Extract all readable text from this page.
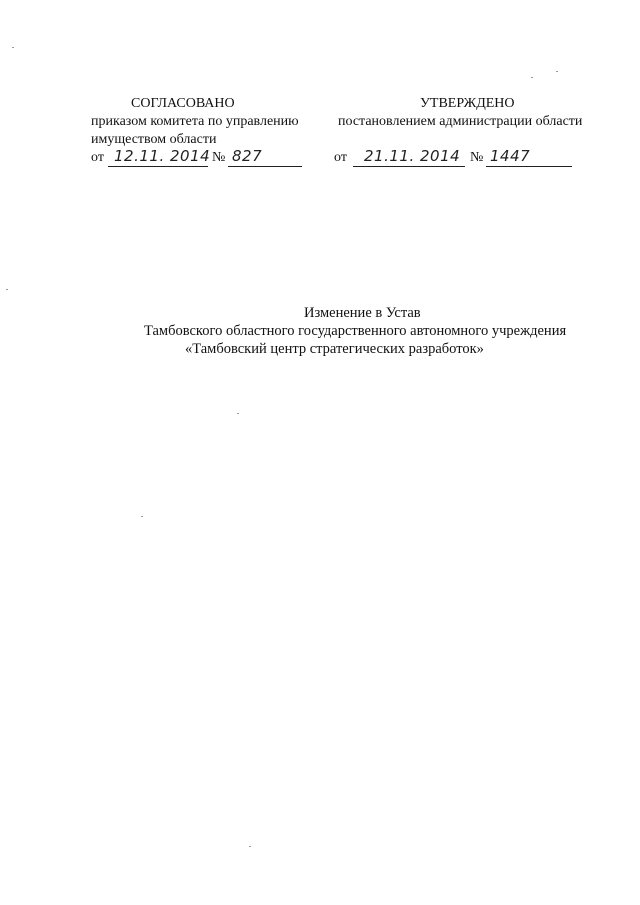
СОГЛАСОВАНО
приказом комитета по управлению
имуществом области
от 12.11. 2014 № 827
УТВЕРЖДЕНО
постановлением администрации области
от 21.11. 2014 № 1447
Изменение в Устав
Тамбовского областного государственного автономного учреждения
«Тамбовский центр стратегических разработок»
